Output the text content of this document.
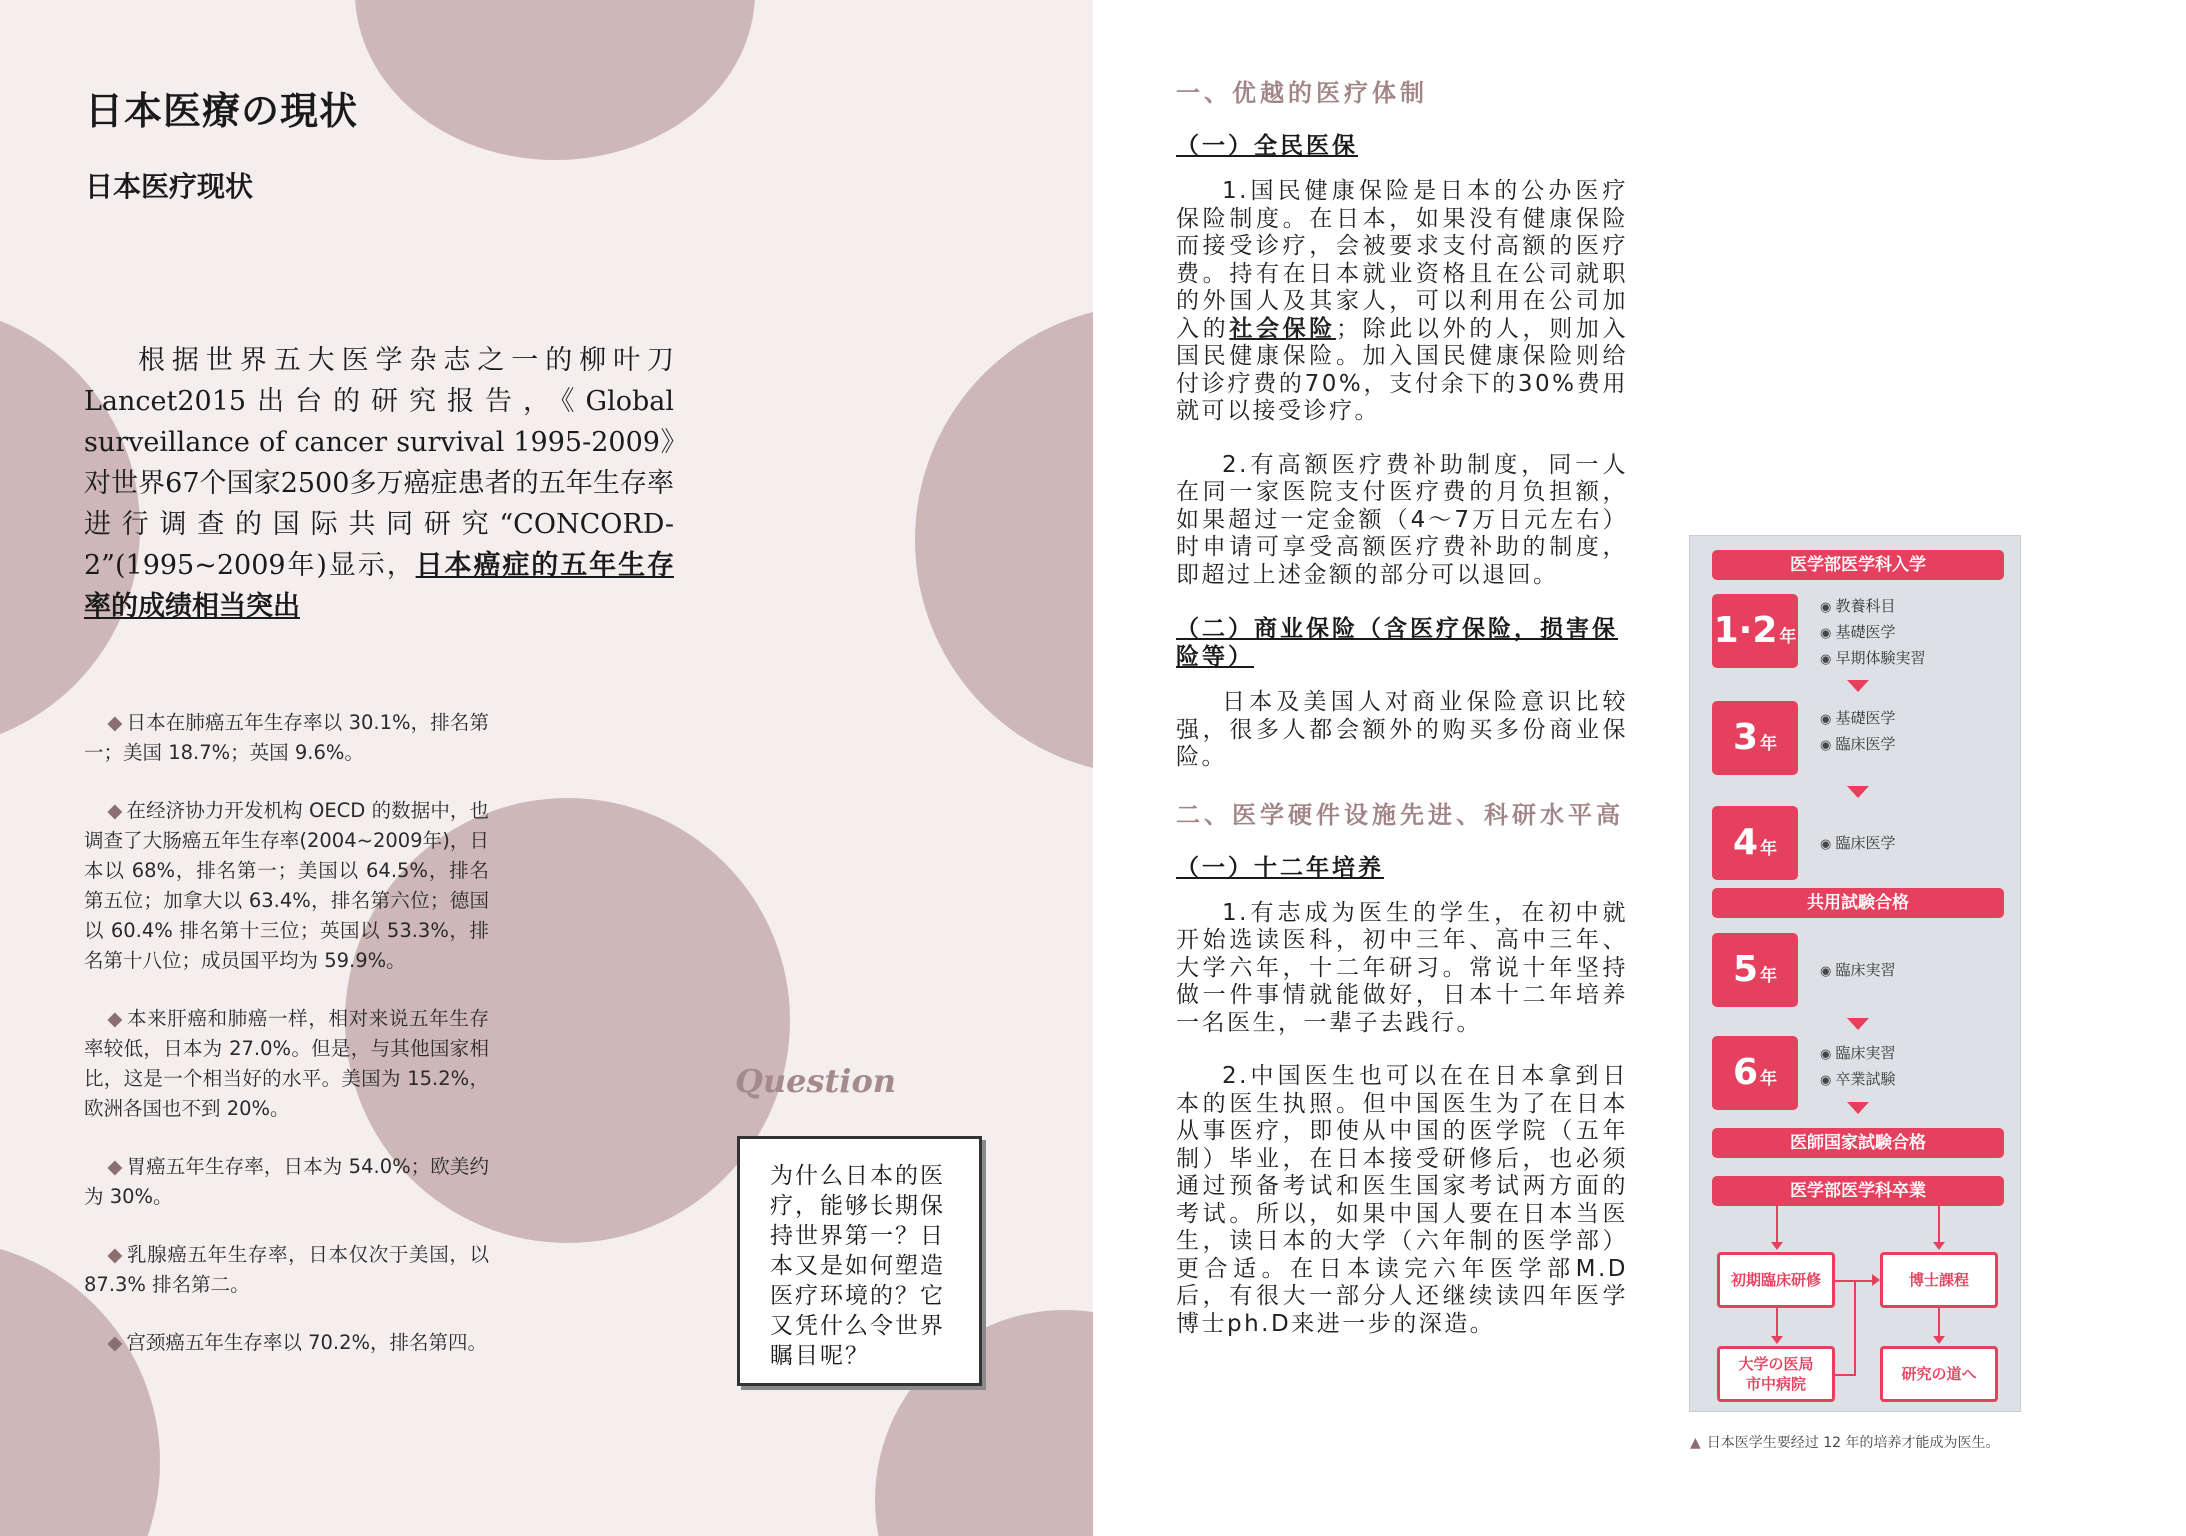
日本医療の現状
日本医疗现状
根据世界五大医学杂志之一的柳叶刀Lancet2015出台的研究报告，《Global surveillance of cancer survival 1995-2009》对世界67个国家2500多万癌症患者的五年生存率进行调查的国际共同研究“CONCORD-2”(1995~2009年)显示，日本癌症的五年生存率的成绩相当突出
◆ 日本在肺癌五年生存率以 30.1%，排名第一；美国 18.7%；英国 9.6%。
◆ 在经济协力开发机构 OECD 的数据中，也调查了大肠癌五年生存率(2004~2009年)，日本以 68%，排名第一；美国以 64.5%，排名第五位；加拿大以 63.4%，排名第六位；德国以 60.4% 排名第十三位；英国以 53.3%，排名第十八位；成员国平均为 59.9%。
◆ 本来肝癌和肺癌一样，相对来说五年生存率较低，日本为 27.0%。但是，与其他国家相比，这是一个相当好的水平。美国为 15.2%，欧洲各国也不到 20%。
◆ 胃癌五年生存率，日本为 54.0%；欧美约为 30%。
◆ 乳腺癌五年生存率，日本仅次于美国，以 87.3% 排名第二。
◆ 宫颈癌五年生存率以 70.2%，排名第四。
Question
为什么日本的医疗，能够长期保持世界第一？日本又是如何塑造医疗环境的？它又凭什么令世界瞩目呢？
一、优越的医疗体制
（一）全民医保
1.国民健康保险是日本的公办医疗保险制度。在日本，如果没有健康保险而接受诊疗，会被要求支付高额的医疗费。持有在日本就业资格且在公司就职的外国人及其家人，可以利用在公司加入的社会保险；除此以外的人，则加入国民健康保险。加入国民健康保险则给付诊疗费的70%，支付余下的30%费用就可以接受诊疗。
2.有高额医疗费补助制度，同一人在同一家医院支付医疗费的月负担额，如果超过一定金额（4～7万日元左右）时申请可享受高额医疗费补助的制度，即超过上述金额的部分可以退回。
（二）商业保险（含医疗保险，损害保险等）
日本及美国人对商业保险意识比较强，很多人都会额外的购买多份商业保险。
二、医学硬件设施先进、科研水平高
（一）十二年培养
1.有志成为医生的学生，在初中就开始选读医科，初中三年、高中三年、大学六年，十二年研习。常说十年坚持做一件事情就能做好，日本十二年培养一名医生，一辈子去践行。
2.中国医生也可以在在日本拿到日本的医生执照。但中国医生为了在日本从事医疗，即使从中国的医学院（五年制）毕业，在日本接受研修后，也必须通过预备考试和医生国家考试两方面的考试。所以，如果中国人要在日本当医生，读日本的大学（六年制的医学部）更合适。在日本读完六年医学部M.D后，有很大一部分人还继续读四年医学博士ph.D来进一步的深造。
医学部医学科入学
1·2 年
◉ 教養科目
◉ 基礎医学
◉ 早期体験実習
3 年
◉ 基礎医学
◉ 臨床医学
4 年	◉ 臨床医学
共用試験合格
5 年	◉ 臨床実習
6 年
◉ 臨床実習
◉ 卒業試験
医師国家試験合格
医学部医学科卒業
初期臨床研修	博士課程
大学の医局
市中病院
研究の道へ
▲ 日本医学生要经过 12 年的培养才能成为医生。
